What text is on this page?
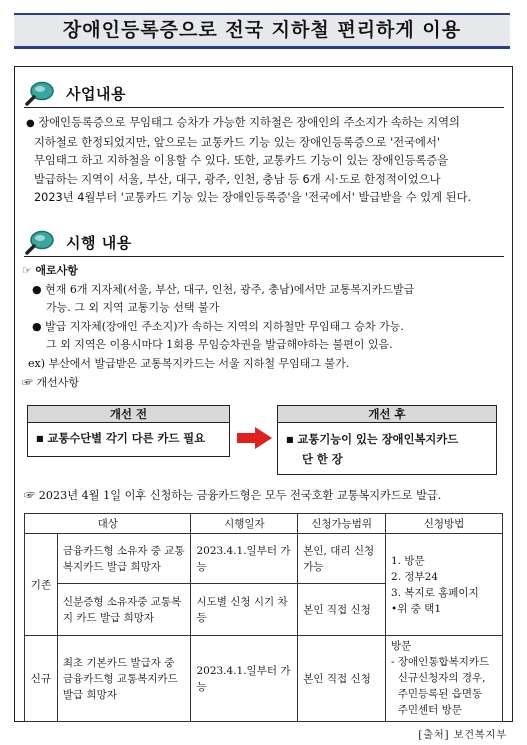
장애인등록증으로 전국 지하철 편리하게 이용
사업내용
● 장애인등록증으로 무임태그 승차가 가능한 지하철은 장애인의 주소지가 속하는 지역의
지하철로 한정되었지만, 앞으로는 교통카드 기능 있는 장애인등록증으로 '전국에서'
무임태그 하고 지하철을 이용할 수 있다. 또한, 교통카드 기능이 있는 장애인등록증을
발급하는 지역이 서울, 부산, 대구, 광주, 인천, 충남 등 6개 시·도로 한정적이었으나
2023년 4월부터 '교통카드 기능 있는 장애인등록증'을 '전국에서' 발급받을 수 있게 된다.
시행 내용
☞ 애로사항
● 현재 6개 지자체(서울, 부산, 대구, 인천, 광주, 충남)에서만 교통복지카드발급
가능. 그 외 지역 교통기능 선택 불가
● 발급 지자체(장애인 주소지)가 속하는 지역의 지하철만 무임태그 승차 가능.
그 외 지역은 이용시마다 1회용 무임승차권을 발급해야하는 불편이 있음.
ex) 부산에서 발급받은 교통복지카드는 서울 지하철 무임태그 불가.
☞ 개선사항
개선 전
■ 교통수단별 각기 다른 카드 필요
개선 후
■ 교통기능이 있는 장애인복지카드
단 한 장
☞ 2023년 4월 1일 이후 신청하는 금융카드형은 모두 전국호환 교통복지카드로 발급.
대상		시행일자	신청가능범위	신청방법
기존	금융카드형 소유자 중 교통복지카드 발급 희망자	2023.4.1.일부터 가능	본인, 대리 신청 가능	1. 방문
2. 정부24
3. 복지로 홈페이지
•위 중 택1

	신분증형 소유자중 교통복지 카드 발급 희망자	시도별 신청 시기 차등	본인 직접 신청	
신규	최초 기본카드 발급자 중 금융카드형 교통복지카드 발급 희망자	2023.4.1.일부터 가능	본인 직접 신청	방문
- 장애인통합복지카드
신규신청자의 경우,
주민등록된 읍면동
주민센터 방문
[출처] 보건복지부
